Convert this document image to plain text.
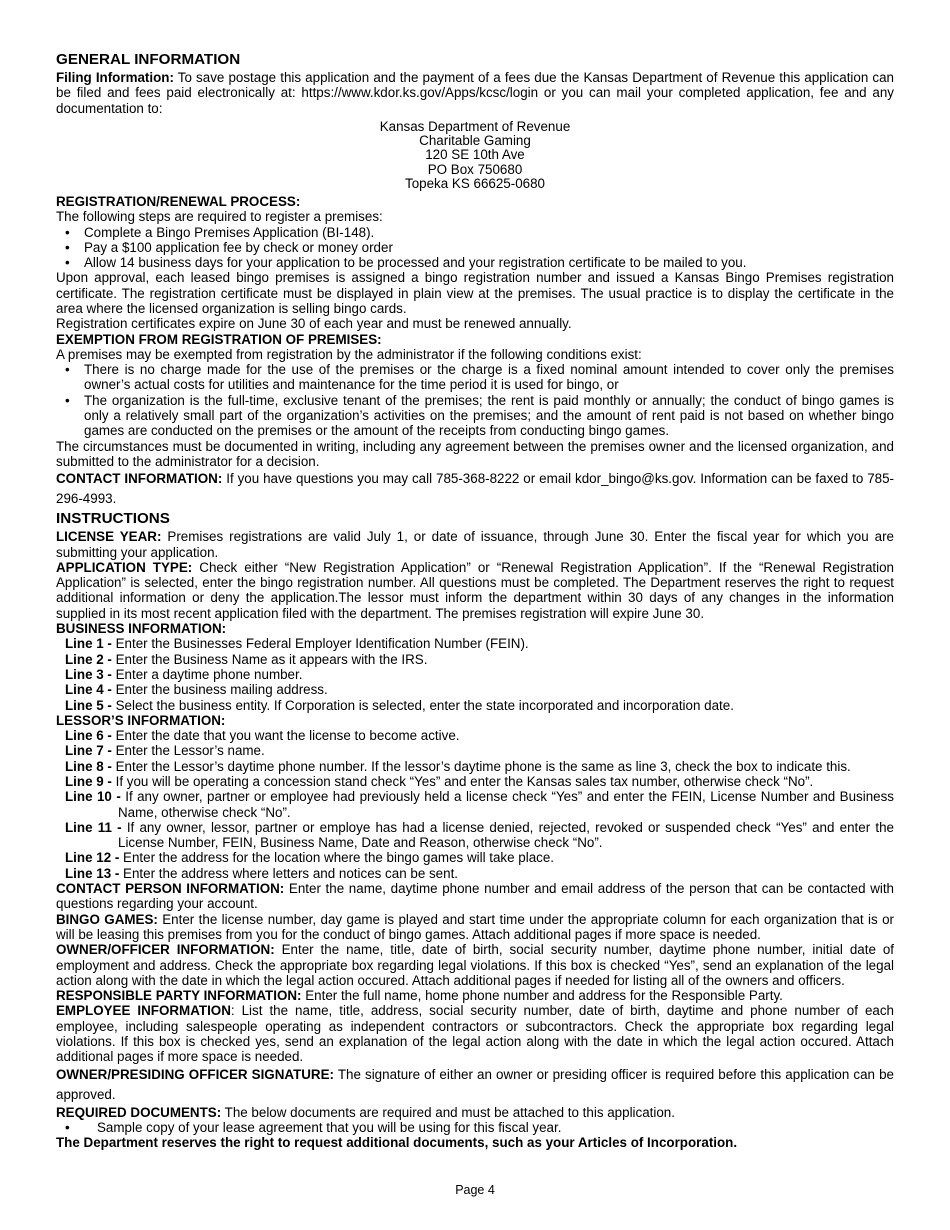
GENERAL INFORMATION

Filing Information: To save postage this application and the payment of a fees due the Kansas Department of Revenue this application can be filed and fees paid electronically at: https://www.kdor.ks.gov/Apps/kcsc/login or you can mail your completed application, fee and any documentation to:

Kansas Department of Revenue
Charitable Gaming
120 SE 10th Ave
PO Box 750680
Topeka KS 66625-0680

REGISTRATION/RENEWAL PROCESS:

The following steps are required to register a premises:

• Complete a Bingo Premises Application (BI-148).
• Pay a $100 application fee by check or money order
• Allow 14 business days for your application to be processed and your registration certificate to be mailed to you.

Upon approval, each leased bingo premises is assigned a bingo registration number and issued a Kansas Bingo Premises registration certificate. The registration certificate must be displayed in plain view at the premises. The usual practice is to display the certificate in the area where the licensed organization is selling bingo cards.

Registration certificates expire on June 30 of each year and must be renewed annually.

EXEMPTION FROM REGISTRATION OF PREMISES:

A premises may be exempted from registration by the administrator if the following conditions exist:

• There is no charge made for the use of the premises or the charge is a fixed nominal amount intended to cover only the premises owner’s actual costs for utilities and maintenance for the time period it is used for bingo, or
• The organization is the full-time, exclusive tenant of the premises; the rent is paid monthly or annually; the conduct of bingo games is only a relatively small part of the organization’s activities on the premises; and the amount of rent paid is not based on whether bingo games are conducted on the premises or the amount of the receipts from conducting bingo games.

The circumstances must be documented in writing, including any agreement between the premises owner and the licensed organization, and submitted to the administrator for a decision.

CONTACT INFORMATION: If you have questions you may call 785-368-8222 or email kdor_bingo@ks.gov. Information can be faxed to 785-296-4993.

INSTRUCTIONS

LICENSE YEAR: Premises registrations are valid July 1, or date of issuance, through June 30. Enter the fiscal year for which you are submitting your application.

APPLICATION TYPE: Check either “New Registration Application” or “Renewal Registration Application”. If the “Renewal Registration Application” is selected, enter the bingo registration number. All questions must be completed. The Department reserves the right to request additional information or deny the application.The lessor must inform the department within 30 days of any changes in the information supplied in its most recent application filed with the department. The premises registration will expire June 30.

BUSINESS INFORMATION:

Line 1 - Enter the Businesses Federal Employer Identification Number (FEIN).
Line 2 - Enter the Business Name as it appears with the IRS.
Line 3 - Enter a daytime phone number.
Line 4 - Enter the business mailing address.
Line 5 - Select the business entity. If Corporation is selected, enter the state incorporated and incorporation date.

LESSOR’S INFORMATION:

Line 6 - Enter the date that you want the license to become active.
Line 7 - Enter the Lessor’s name.
Line 8 - Enter the Lessor’s daytime phone number. If the lessor’s daytime phone is the same as line 3, check the box to indicate this.
Line 9 - If you will be operating a concession stand check “Yes” and enter the Kansas sales tax number, otherwise check “No”.
Line 10 - If any owner, partner or employee had previously held a license check “Yes” and enter the FEIN, License Number and Business Name, otherwise check “No”.
Line 11 - If any owner, lessor, partner or employe has had a license denied, rejected, revoked or suspended check “Yes” and enter the License Number, FEIN, Business Name, Date and Reason, otherwise check “No”.
Line 12 - Enter the address for the location where the bingo games will take place.
Line 13 - Enter the address where letters and notices can be sent.

CONTACT PERSON INFORMATION: Enter the name, daytime phone number and email address of the person that can be contacted with questions regarding your account.

BINGO GAMES: Enter the license number, day game is played and start time under the appropriate column for each organization that is or will be leasing this premises from you for the conduct of bingo games. Attach additional pages if more space is needed.

OWNER/OFFICER INFORMATION: Enter the name, title, date of birth, social security number, daytime phone number, initial date of employment and address. Check the appropriate box regarding legal violations. If this box is checked “Yes”, send an explanation of the legal action along with the date in which the legal action occured. Attach additional pages if needed for listing all of the owners and officers.

RESPONSIBLE PARTY INFORMATION: Enter the full name, home phone number and address for the Responsible Party.

EMPLOYEE INFORMATION: List the name, title, address, social security number, date of birth, daytime and phone number of each employee, including salespeople operating as independent contractors or subcontractors. Check the appropriate box regarding legal violations. If this box is checked yes, send an explanation of the legal action along with the date in which the legal action occured. Attach additional pages if more space is needed.

OWNER/PRESIDING OFFICER SIGNATURE: The signature of either an owner or presiding officer is required before this application can be approved.

REQUIRED DOCUMENTS: The below documents are required and must be attached to this application.

• Sample copy of your lease agreement that you will be using for this fiscal year.

The Department reserves the right to request additional documents, such as your Articles of Incorporation.

Page 4
